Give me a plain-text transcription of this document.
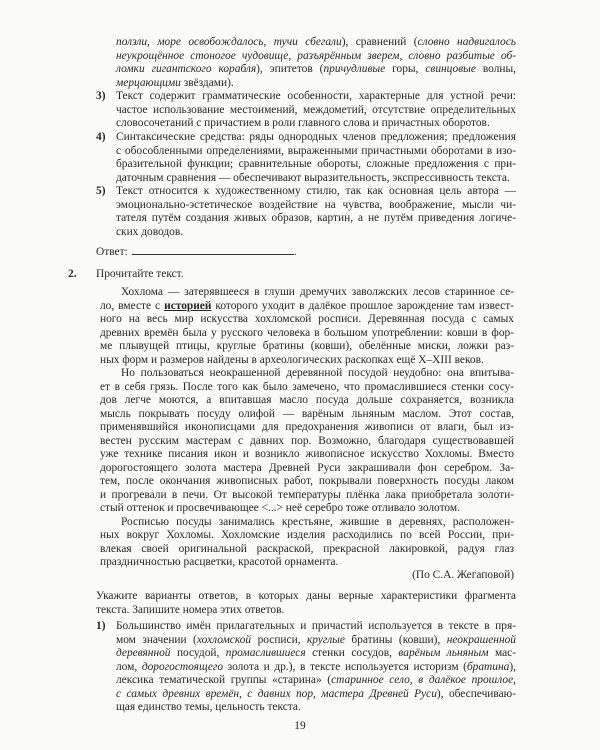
ползли, море освобождалось, тучи сбегали), сравнений (словно надвигалось
неукрощённое стоногое чудовище, разъярённым зверем, словно разбитые об-
ломки гигантского корабля), эпитетов (причудливые горы, свинцовые волны,
мерцающими звёздами).
3) Текст содержит грамматические особенности, характерные для устной речи:
частое использование местоимений, междометий, отсутствие определительных
словосочетаний с причастием в роли главного слова и причастных оборотов.
4) Синтаксические средства: ряды однородных членов предложения; предложения
с обособленными определениями, выраженными причастными оборотами в изо-
бразительной функции; сравнительные обороты, сложные предложения с при-
даточным сравнения — обеспечивают выразительность, экспрессивность текста.
5) Текст относится к художественному стилю, так как основная цель автора —
эмоционально-эстетическое воздействие на чувства, воображение, мысли чи-
тателя путём создания живых образов, картин, а не путём приведения логиче-
ских доводов.
Ответ:	.
2. Прочитайте текст.
Хохлома — затерявшееся в глуши дремучих заволжских лесов старинное се-
ло, вместе с историей которого уходит в далёкое прошлое зарождение там извест-
ного на весь мир искусства хохломской росписи. Деревянная посуда с самых
древних времён была у русского человека в большом употреблении: ковши в фор-
ме плывущей птицы, круглые братины (ковши), обелённые миски, ложки раз-
ных форм и размеров найдены в археологических раскопках ещё X–XIII веков.
Но пользоваться неокрашенной деревянной посудой неудобно: она впитыва-
ет в себя грязь. После того как было замечено, что промаслившиеся стенки сосу-
дов легче моются, а впитавшая масло посуда дольше сохраняется, возникла
мысль покрывать посуду олифой — варёным льняным маслом. Этот состав,
применявшийся иконописцами для предохранения живописи от влаги, был из-
вестен русским мастерам с давних пор. Возможно, благодаря существовавшей
уже технике писания икон и возникло живописное искусство Хохломы. Вместо
дорогостоящего золота мастера Древней Руси закрашивали фон серебром. За-
тем, после окончания живописных работ, покрывали поверхность посуды лаком
и прогревали в печи. От высокой температуры плёнка лака приобретала золоти-
стый оттенок и просвечивающее <...> неё серебро тоже отливало золотом.
Росписью посуды занимались крестьяне, жившие в деревнях, расположен-
ных вокруг Хохломы. Хохломские изделия расходились по всей России, при-
влекая своей оригинальной раскраской, прекрасной лакировкой, радуя глаз
праздничностью расцветки, красотой орнамента.
(По С.А. Жегаповой)
Укажите варианты ответов, в которых даны верные характеристики фрагмента
текста. Запишите номера этих ответов.
1) Большинство имён прилагательных и причастий используется в тексте в пря-
мом значении (хохломской росписи, круглые братины (ковши), неокрашенной
деревянной посудой, промаслившиеся стенки сосудов, варёным льняным мас-
лом, дорогостоящего золота и др.), в тексте используется историзм (братина),
лексика тематической группы «старина» (старинное село, в далёкое прошлое,
с самых древних времён, с давних пор, мастера Древней Руси), обеспечиваю-
щая единство темы, цельность текста.
19
